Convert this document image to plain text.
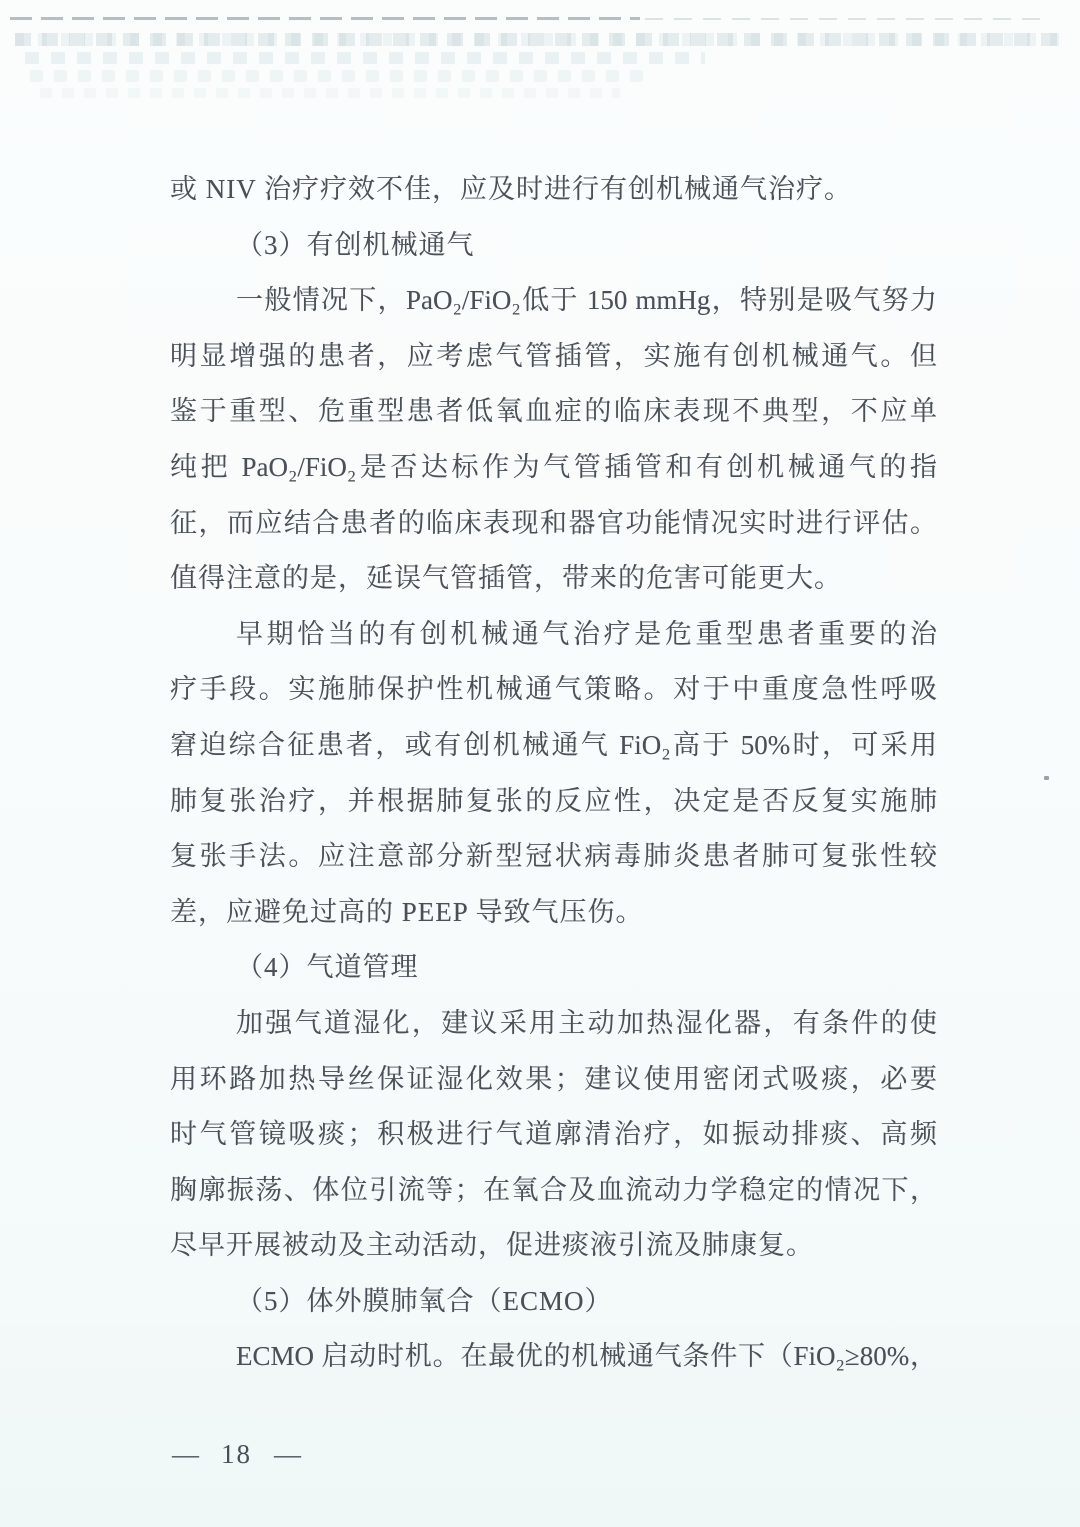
或 NIV 治疗疗效不佳，应及时进行有创机械通气治疗。
（3）有创机械通气
一般情况下，PaO₂/FiO₂低于 150 mmHg，特别是吸气努力
明显增强的患者，应考虑气管插管，实施有创机械通气。但
鉴于重型、危重型患者低氧血症的临床表现不典型，不应单
纯把 PaO₂/FiO₂是否达标作为气管插管和有创机械通气的指
征，而应结合患者的临床表现和器官功能情况实时进行评估。
值得注意的是，延误气管插管，带来的危害可能更大。
早期恰当的有创机械通气治疗是危重型患者重要的治
疗手段。实施肺保护性机械通气策略。对于中重度急性呼吸
窘迫综合征患者，或有创机械通气 FiO₂高于 50%时，可采用
肺复张治疗，并根据肺复张的反应性，决定是否反复实施肺
复张手法。应注意部分新型冠状病毒肺炎患者肺可复张性较
差，应避免过高的 PEEP 导致气压伤。
（4）气道管理
加强气道湿化，建议采用主动加热湿化器，有条件的使
用环路加热导丝保证湿化效果；建议使用密闭式吸痰，必要
时气管镜吸痰；积极进行气道廓清治疗，如振动排痰、高频
胸廓振荡、体位引流等；在氧合及血流动力学稳定的情况下，
尽早开展被动及主动活动，促进痰液引流及肺康复。
（5）体外膜肺氧合（ECMO）
ECMO 启动时机。在最优的机械通气条件下（FiO₂≥80%，
— 18 —
